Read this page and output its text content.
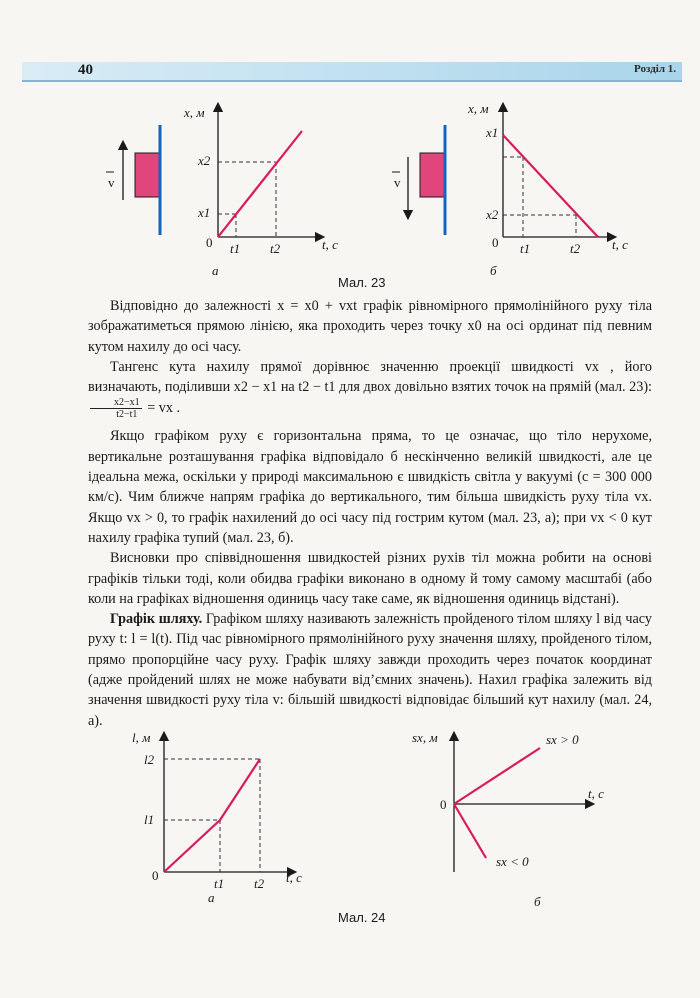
40	Розділ 1.
v
x, м
t, c
0
x2
x1
t1 t2
а
v
x, м
t, c
0
x1
x2
t1	t2
б
Мал. 23

Відповідно до залежності x = x0 + vxt графік рівномірного прямолінійного руху тіла зображатиметься прямою лінією, яка проходить через точку x0 на осі ординат під певним кутом нахилу до осі часу.

Тангенс кута нахилу прямої дорівнює значенню проекції швидкості vx , його визначають, поділивши x2 − x1 на t2 − t1 для двох довільно взятих точок на прямій (мал. 23):
$\frac{x2-x1}{t2-t1}$ = vx .

Якщо графіком руху є горизонтальна пряма, то це означає, що тіло нерухоме, вертикальне розташування графіка відповідало б нескінченно великій швидкості, але це ідеальна межа, оскільки у природі максимальною є швидкість світла у вакуумі (c = 300 000 км/с). Чим ближче напрям графіка до вертикального, тим більша швидкість руху тіла vx. Якщо vx > 0, то графік нахилений до осі часу під гострим кутом (мал. 23, а); при vx < 0 кут нахилу графіка тупий (мал. 23, б).

Висновки про співвідношення швидкостей різних рухів тіл можна робити на основі графіків тільки тоді, коли обидва графіки виконано в одному й тому самому масштабі (або коли на графіках відношення одиниць часу таке саме, як відношення одиниць відстані).

Графік шляху. Графіком шляху називають залежність пройденого тілом шляху l від часу руху t: l = l(t). Під час рівномірного прямолінійного руху значення шляху, пройденого тілом, прямо пропорційне часу руху. Графік шляху завжди проходить через початок координат (адже пройдений шлях не може набувати від’ємних значень). Нахил графіка залежить від значення швидкості руху тіла v: більшій швидкості відповідає більший кут нахилу (мал. 24, а).

l, м
t, c
0
l2
l1
t1 t2
а
sx, м
t, c
0
sx > 0
sx < 0
б
Мал. 24
